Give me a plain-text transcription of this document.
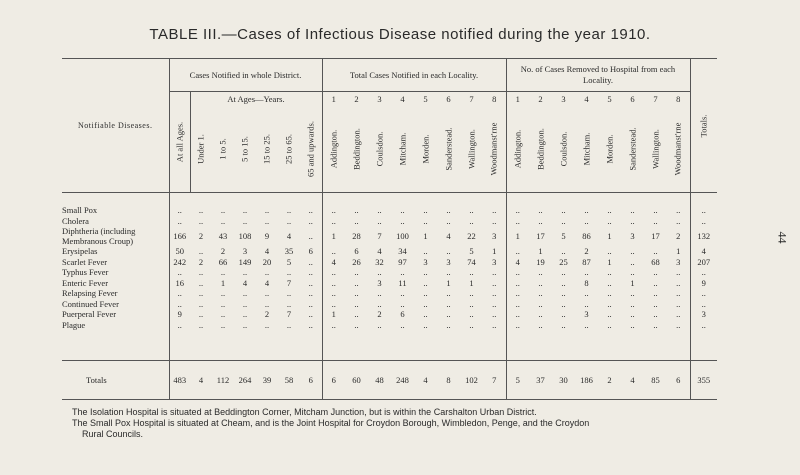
TABLE III.—Cases of Infectious Disease notified during the year 1910.
44
Notifiable Diseases.	Cases Notified in whole District.							Total Cases Notified in each Locality.								No. of Cases Removed to Hospital from each Locality.								Totals.

	At all Ages.	At Ages—Years.						1	2	3	4	5	6	7	8	1	2	3	4	5	6	7	8	

		Under 1.	1 to 5.	5 to 15.	15 to 25.	25 to 65.	65 and upwards.	Addington.	Beddington.	Coulsdon.	Mitcham.	Morden.	Sanderstead.	Wallington.	Woodmanst'rne	Addington.	Beddington.	Coulsdon.	Mitcham.	Morden.	Sanderstead.	Wallington.	Woodmanst'rne	

Small Pox	..	..	..	..	..	..	..	..	..	..	..	..	..	..	..	..	..	..	..	..	..	..	..	..
Cholera	..	..	..	..	..	..	..	..	..	..	..	..	..	..	..	..	..	..	..	..	..	..	..	..
Diphtheria (including Membranous Croup)	166	2	43	108	9	4	..	1	28	7	100	1	4	22	3	1	17	5	86	1	3	17	2	132
Erysipelas	50	..	2	3	4	35	6	..	6	4	34	..	..	5	1	..	1	..	2	..	..	..	1	4
Scarlet Fever	242	2	66	149	20	5	..	4	26	32	97	3	3	74	3	4	19	25	87	1	..	68	3	207
Typhus Fever	..	..	..	..	..	..	..	..	..	..	..	..	..	..	..	..	..	..	..	..	..	..	..	..
Enteric Fever	16	..	1	4	4	7	..	..	..	3	11	..	1	1	..	..	..	..	8	..	1	..	..	9
Relapsing Fever	..	..	..	..	..	..	..	..	..	..	..	..	..	..	..	..	..	..	..	..	..	..	..	..
Continued Fever	..	..	..	..	..	..	..	..	..	..	..	..	..	..	..	..	..	..	..	..	..	..	..	..
Puerperal Fever	9	..	..	..	2	7	..	1	..	2	6	..	..	..	..	..	..	..	3	..	..	..	..	3
Plague	..	..	..	..	..	..	..	..	..	..	..	..	..	..	..	..	..	..	..	..	..	..	..	..

Totals	483	4	112	264	39	58	6	6	60	48	248	4	8	102	7	5	37	30	186	2	4	85	6	355
The Isolation Hospital is situated at Beddington Corner, Mitcham Junction, but is within the Carshalton Urban District.
The Small Pox Hospital is situated at Cheam, and is the Joint Hospital for Croydon Borough, Wimbledon, Penge, and the Croydon
Rural Councils.
